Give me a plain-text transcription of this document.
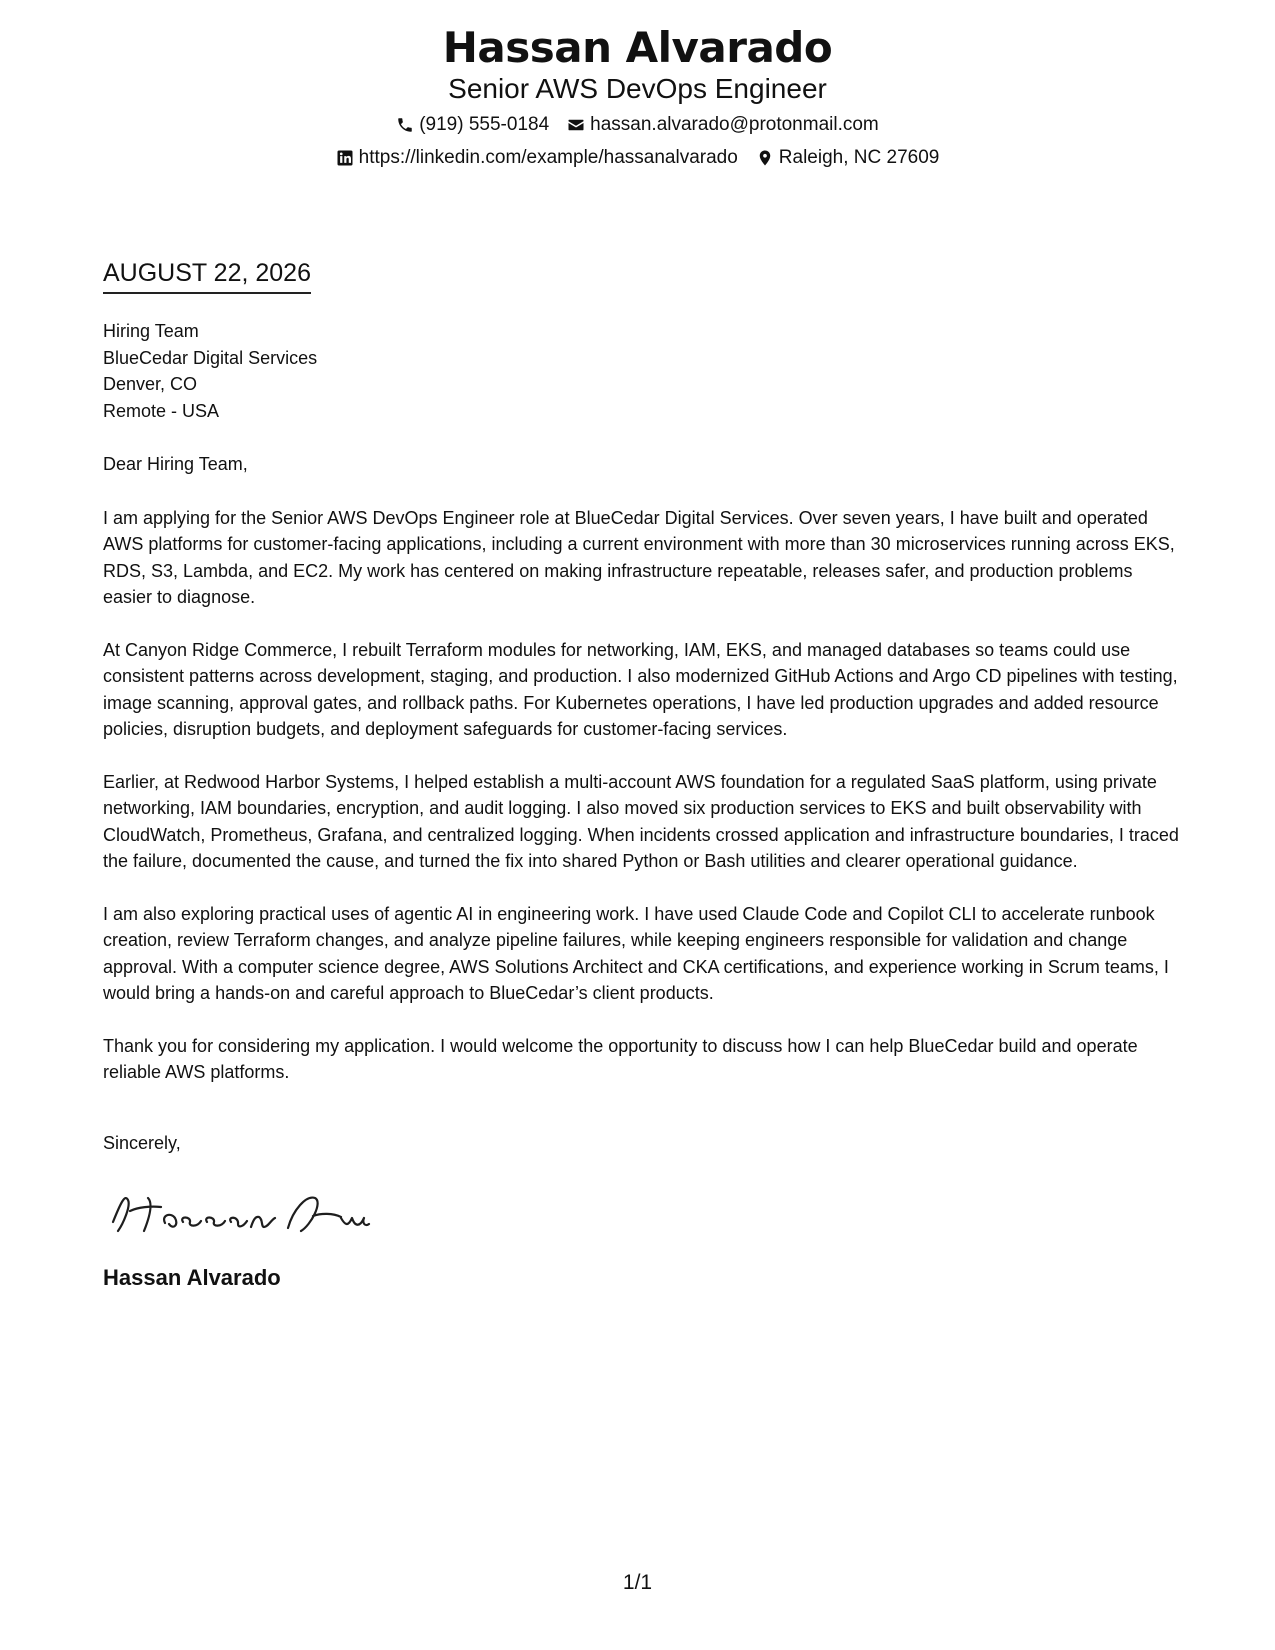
Hassan Alvarado
Senior AWS DevOps Engineer
(919) 555-0184 hassan.alvarado@protonmail.com
https://linkedin.com/example/hassanalvarado Raleigh, NC 27609
AUGUST 22, 2026
Hiring Team
BlueCedar Digital Services
Denver, CO
Remote - USA

Dear Hiring Team,

I am applying for the Senior AWS DevOps Engineer role at BlueCedar Digital Services. Over seven years, I have built and operated AWS platforms for customer-facing applications, including a current environment with more than 30 microservices running across EKS, RDS, S3, Lambda, and EC2. My work has centered on making infrastructure repeatable, releases safer, and production problems easier to diagnose.

At Canyon Ridge Commerce, I rebuilt Terraform modules for networking, IAM, EKS, and managed databases so teams could use consistent patterns across development, staging, and production. I also modernized GitHub Actions and Argo CD pipelines with testing, image scanning, approval gates, and rollback paths. For Kubernetes operations, I have led production upgrades and added resource policies, disruption budgets, and deployment safeguards for customer-facing services.

Earlier, at Redwood Harbor Systems, I helped establish a multi-account AWS foundation for a regulated SaaS platform, using private networking, IAM boundaries, encryption, and audit logging. I also moved six production services to EKS and built observability with CloudWatch, Prometheus, Grafana, and centralized logging. When incidents crossed application and infrastructure boundaries, I traced the failure, documented the cause, and turned the fix into shared Python or Bash utilities and clearer operational guidance.

I am also exploring practical uses of agentic AI in engineering work. I have used Claude Code and Copilot CLI to accelerate runbook creation, review Terraform changes, and analyze pipeline failures, while keeping engineers responsible for validation and change approval. With a computer science degree, AWS Solutions Architect and CKA certifications, and experience working in Scrum teams, I would bring a hands-on and careful approach to BlueCedar’s client products.

Thank you for considering my application. I would welcome the opportunity to discuss how I can help BlueCedar build and operate reliable AWS platforms.

Sincerely,

Hassan Alvarado
1/1
